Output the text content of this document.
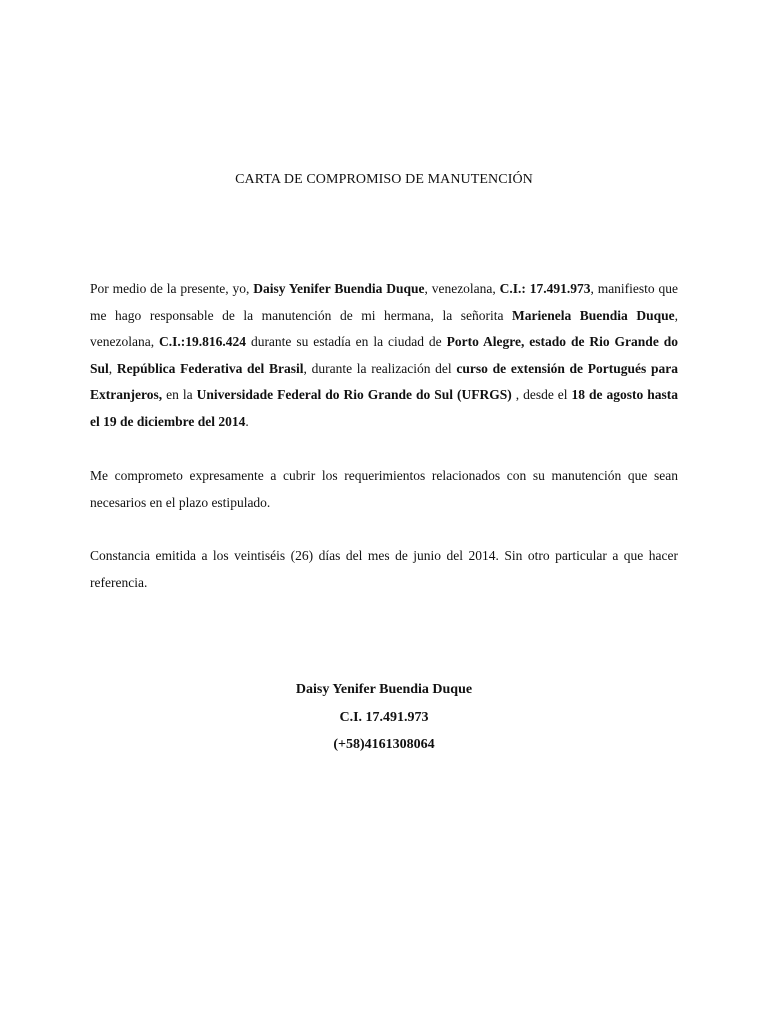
CARTA DE COMPROMISO DE MANUTENCIÓN

Por medio de la presente, yo, Daisy Yenifer Buendia Duque, venezolana, C.I.: 17.491.973, manifiesto que me hago responsable de la manutención de mi hermana, la señorita Marienela Buendia Duque, venezolana, C.I.:19.816.424 durante su estadía en la ciudad de Porto Alegre, estado de Rio Grande do Sul, República Federativa del Brasil, durante la realización del curso de extensión de Portugués para Extranjeros, en la Universidade Federal do Rio Grande do Sul (UFRGS) , desde el 18 de agosto hasta el 19 de diciembre del 2014.

Me comprometo expresamente a cubrir los requerimientos relacionados con su manutención que sean necesarios en el plazo estipulado.

Constancia emitida a los veintiséis (26) días del mes de junio del 2014. Sin otro particular a que hacer referencia.

Daisy Yenifer Buendia Duque
C.I. 17.491.973
(+58)4161308064
